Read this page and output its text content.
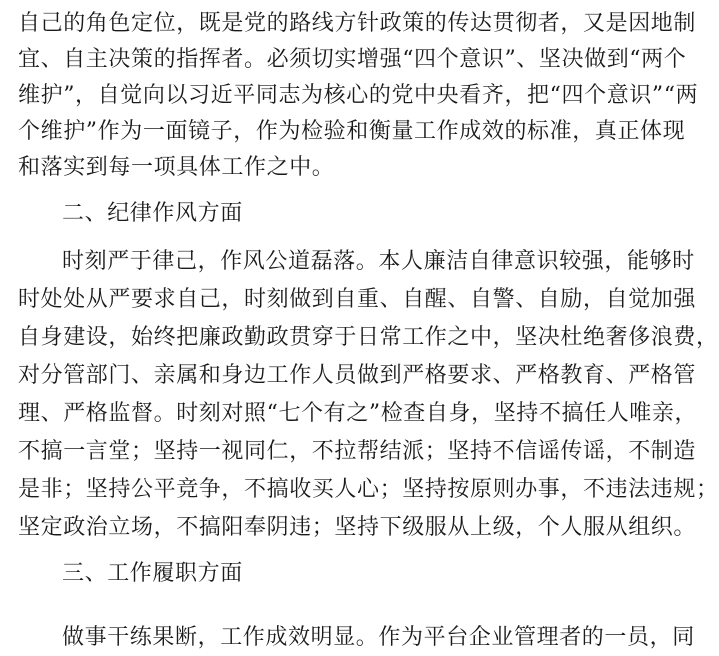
自己的角色定位，既是党的路线方针政策的传达贯彻者，又是因地制
宜、自主决策的指挥者。必须切实增强“四个意识”、坚决做到“两个
维护”，自觉向以习近平同志为核心的党中央看齐，把“四个意识”“两
个维护”作为一面镜子，作为检验和衡量工作成效的标准，真正体现
和落实到每一项具体工作之中。
二、纪律作风方面
时刻严于律己，作风公道磊落。本人廉洁自律意识较强，能够时
时处处从严要求自己，时刻做到自重、自醒、自警、自励，自觉加强
自身建设，始终把廉政勤政贯穿于日常工作之中，坚决杜绝奢侈浪费，
对分管部门、亲属和身边工作人员做到严格要求、严格教育、严格管
理、严格监督。时刻对照“七个有之”检查自身，坚持不搞任人唯亲，
不搞一言堂；坚持一视同仁，不拉帮结派；坚持不信谣传谣，不制造
是非；坚持公平竞争，不搞收买人心；坚持按原则办事，不违法违规；
坚定政治立场，不搞阳奉阴违；坚持下级服从上级，个人服从组织。
三、工作履职方面
做事干练果断，工作成效明显。作为平台企业管理者的一员，同
